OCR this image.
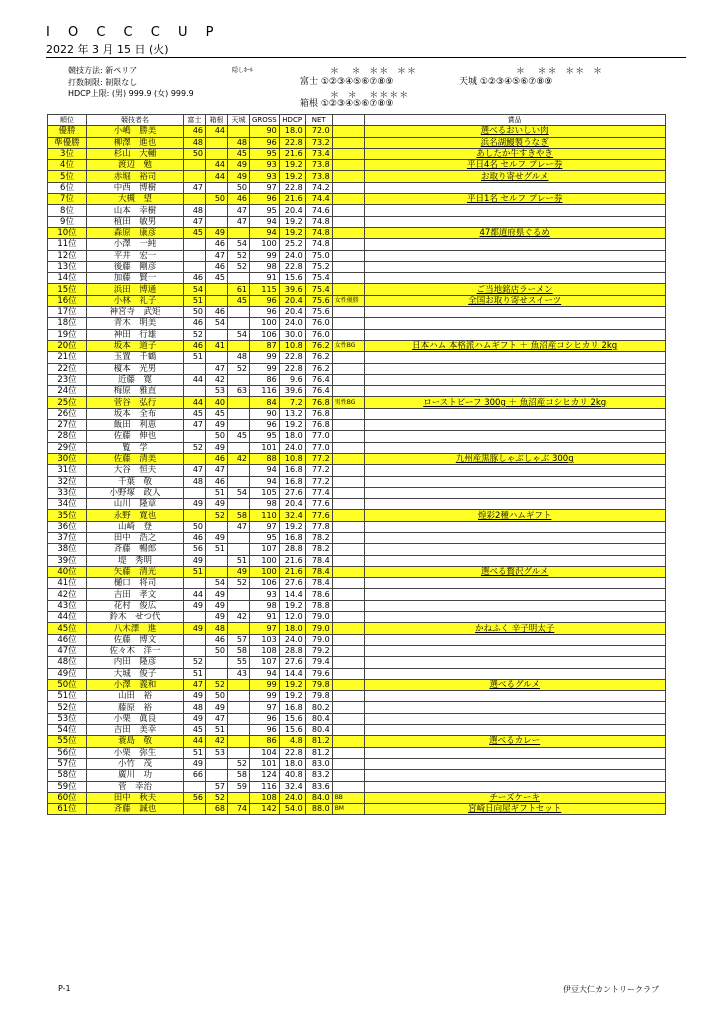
I O C C C U P
2022 年 3 月 15 日 (火)
競技方法: 新ペリア
打数制限: 制限なし
HDCP上限: (男) 999.9 (女) 999.9
隠しﾎｰﾙ	＊   ＊  ＊＊  ＊＊	＊   ＊＊  ＊＊  ＊
富士 ①②③④⑤⑥⑦⑧⑨	天城 ①②③④⑤⑥⑦⑧⑨
＊  ＊   ＊＊＊＊
箱根 ①②③④⑤⑥⑦⑧⑨
順位	競技者名	富士	箱根	天城	GROSS	HDCP	NET		賞品
優勝	小嶋　勝美	46	44		90	18.0	72.0		選べるおいしい肉
準優勝	柳澤　進也	48		48	96	22.8	73.2		浜名湖鰻製うなぎ
3位	杉山　大輔	50		45	95	21.6	73.4		あしたか牛すきやき
4位	渡辺　勉		44	49	93	19.2	73.8		平日4名 セルフ プレー券
5位	赤堀　裕司		44	49	93	19.2	73.8		お取り寄せグルメ
6位	中西　博樹	47		50	97	22.8	74.2		
7位	大槻　望		50	46	96	21.6	74.4		平日1名 セルフ プレー券
8位	山本　幸樹	48		47	95	20.4	74.6		
9位	植田　敏男	47		47	94	19.2	74.8		
10位	森原　康彦	45	49		94	19.2	74.8		47都道府県ぐるめ
11位	小澤　一純		46	54	100	25.2	74.8		
12位	平井　宏一		47	52	99	24.0	75.0		
13位	後藤　剛彦		46	52	98	22.8	75.2		
14位	加藤　賢一	46	45		91	15.6	75.4		
15位	浜田　博通	54		61	115	39.6	75.4		ご当地銘店ラーメン
16位	小林　礼子	51		45	96	20.4	75.6	女性優勝	全国お取り寄せスイーツ
17位	神宮寺　武矩	50	46		96	20.4	75.6		
18位	青木　明美	46	54		100	24.0	76.0		
19位	神田　行雄	52		54	106	30.0	76.0		
20位	坂本　道子	46	41		87	10.8	76.2	女性BG	日本ハム 本格派ハムギフト ＋ 魚沼産コシヒカリ 2kg
21位	玉置　千鶴	51		48	99	22.8	76.2		
22位	榎本　光男		47	52	99	22.8	76.2		
23位	近藤　寛	44	42		86	9.6	76.4		
24位	梅原　雅直		53	63	116	39.6	76.4		
25位	菅谷　弘行	44	40		84	7.2	76.8	男性BG	ローストビーフ 300g ＋ 魚沼産コシヒカリ 2kg
26位	坂本　全布	45	45		90	13.2	76.8		
27位	飯田　利恵	47	49		96	19.2	76.8		
28位	佐藤　伸也		50	45	95	18.0	77.0		
29位	覧　学	52	49		101	24.0	77.0		
30位	佐藤　清美		46	42	88	10.8	77.2		九州産黒豚しゃぶしゃぶ 300g
31位	大谷　恒夫	47	47		94	16.8	77.2		
32位	千葉　敬	48	46		94	16.8	77.2		
33位	小野塚　政人		51	54	105	27.6	77.4		
34位	山川　隆章	49	49		98	20.4	77.6		
35位	永野　寛也		52	58	110	32.4	77.6		煌彩2種ハムギフト
36位	山崎　登	50		47	97	19.2	77.8		
37位	田中　浩之	46	49		95	16.8	78.2		
38位	斉藤　暢郎	56	51		107	28.8	78.2		
39位	堤　秀明	49		51	100	21.6	78.4		
40位	矢藤　清光	51		49	100	21.6	78.4		選べる贅沢グルメ
41位	樋口　将司		54	52	106	27.6	78.4		
42位	吉田　孝文	44	49		93	14.4	78.6		
43位	花村　俊広	49	49		98	19.2	78.8		
44位	鈴木　せつ代		49	42	91	12.0	79.0		
45位	八木澤　進	49	48		97	18.0	79.0		かねふく 辛子明太子
46位	佐藤　博文		46	57	103	24.0	79.0		
47位	佐々木　洋一		50	58	108	28.8	79.2		
48位	内田　隆彦	52		55	107	27.6	79.4		
49位	大城　俊子	51		43	94	14.4	79.6		
50位	小澤　義和	47	52		99	19.2	79.8		選べるグルメ
51位	山田　裕	49	50		99	19.2	79.8		
52位	藤原　裕	48	49		97	16.8	80.2		
53位	小栗　眞良	49	47		96	15.6	80.4		
54位	吉田　美幸	45	51		96	15.6	80.4		
55位	蓑島　敬	44	42		86	4.8	81.2		選べるカレー
56位	小栗　弥生	51	53		104	22.8	81.2		
57位	小竹　茂	49		52	101	18.0	83.0		
58位	廣川　功	66		58	124	40.8	83.2		
59位	菅　幸治		57	59	116	32.4	83.6		
60位	田中　秋夫	56	52		108	24.0	84.0	BB	チーズケーキ
61位	斉藤　誠也		68	74	142	54.0	88.0	BM	宮崎日向屋ギフトセット
P-1	伊豆大仁カントリークラブ
